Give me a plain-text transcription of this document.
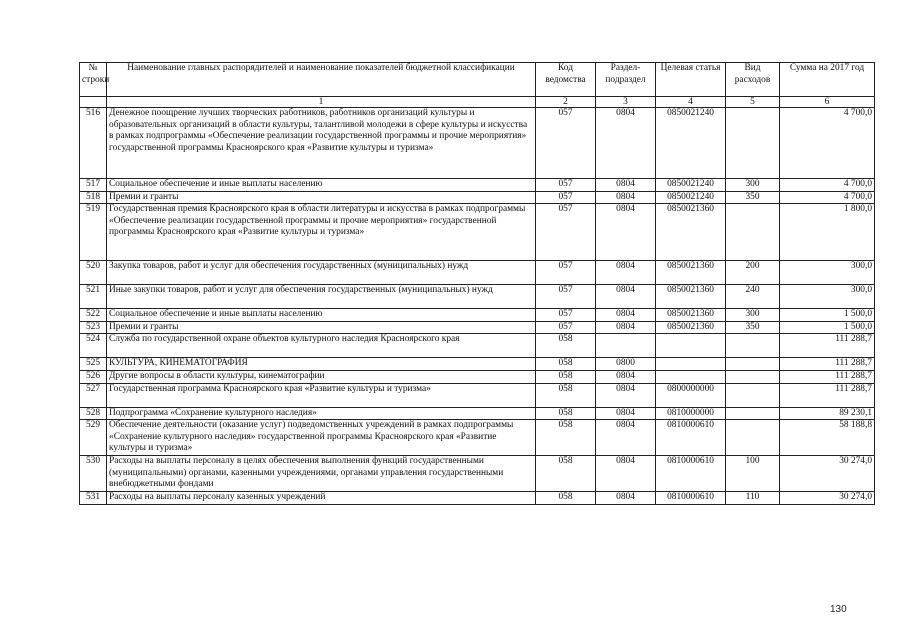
№ строки	Наименование главных распорядителей и наименование показателей бюджетной классификации	Код ведомства	Раздел-подраздел	Целевая статья	Вид расходов	Сумма на 2017 год
	1	2	3	4	5	6
516	Денежное поощрение лучших творческих работников, работников организаций культуры и образовательных организаций в области культуры, талантливой молодежи в сфере культуры и искусства в рамках подпрограммы «Обеспечение реализации государственной программы и прочие мероприятия» государственной программы Красноярского края «Развитие культуры и туризма»	057	0804	0850021240		4 700,0
517	Социальное обеспечение и иные выплаты населению	057	0804	0850021240	300	4 700,0
518	Премии и гранты	057	0804	0850021240	350	4 700,0
519	Государственная премия Красноярского края в области литературы и искусства в рамках подпрограммы «Обеспечение реализации государственной программы и прочие мероприятия» государственной программы Красноярского края «Развитие культуры и туризма»	057	0804	0850021360		1 800,0
520	Закупка товаров, работ и услуг для обеспечения государственных (муниципальных) нужд	057	0804	0850021360	200	300,0
521	Иные закупки товаров, работ и услуг для обеспечения государственных (муниципальных) нужд	057	0804	0850021360	240	300,0
522	Социальное обеспечение и иные выплаты населению	057	0804	0850021360	300	1 500,0
523	Премии и гранты	057	0804	0850021360	350	1 500,0
524	Служба по государственной охране объектов культурного наследия Красноярского края	058				111 288,7
525	КУЛЬТУРА, КИНЕМАТОГРАФИЯ	058	0800			111 288,7
526	Другие вопросы в области культуры, кинематографии	058	0804			111 288,7
527	Государственная программа Красноярского края «Развитие культуры и туризма»	058	0804	0800000000		111 288,7
528	Подпрограмма «Сохранение культурного наследия»	058	0804	0810000000		89 230,1
529	Обеспечение деятельности (оказание услуг) подведомственных учреждений в рамках подпрограммы «Сохранение культурного наследия» государственной программы Красноярского края «Развитие культуры и туризма»	058	0804	0810000610		58 188,8
530	Расходы на выплаты персоналу в целях обеспечения выполнения функций государственными (муниципальными) органами, казенными учреждениями, органами управления государственными внебюджетными фондами	058	0804	0810000610	100	30 274,0
531	Расходы на выплаты персоналу казенных учреждений	058	0804	0810000610	110	30 274,0
130
